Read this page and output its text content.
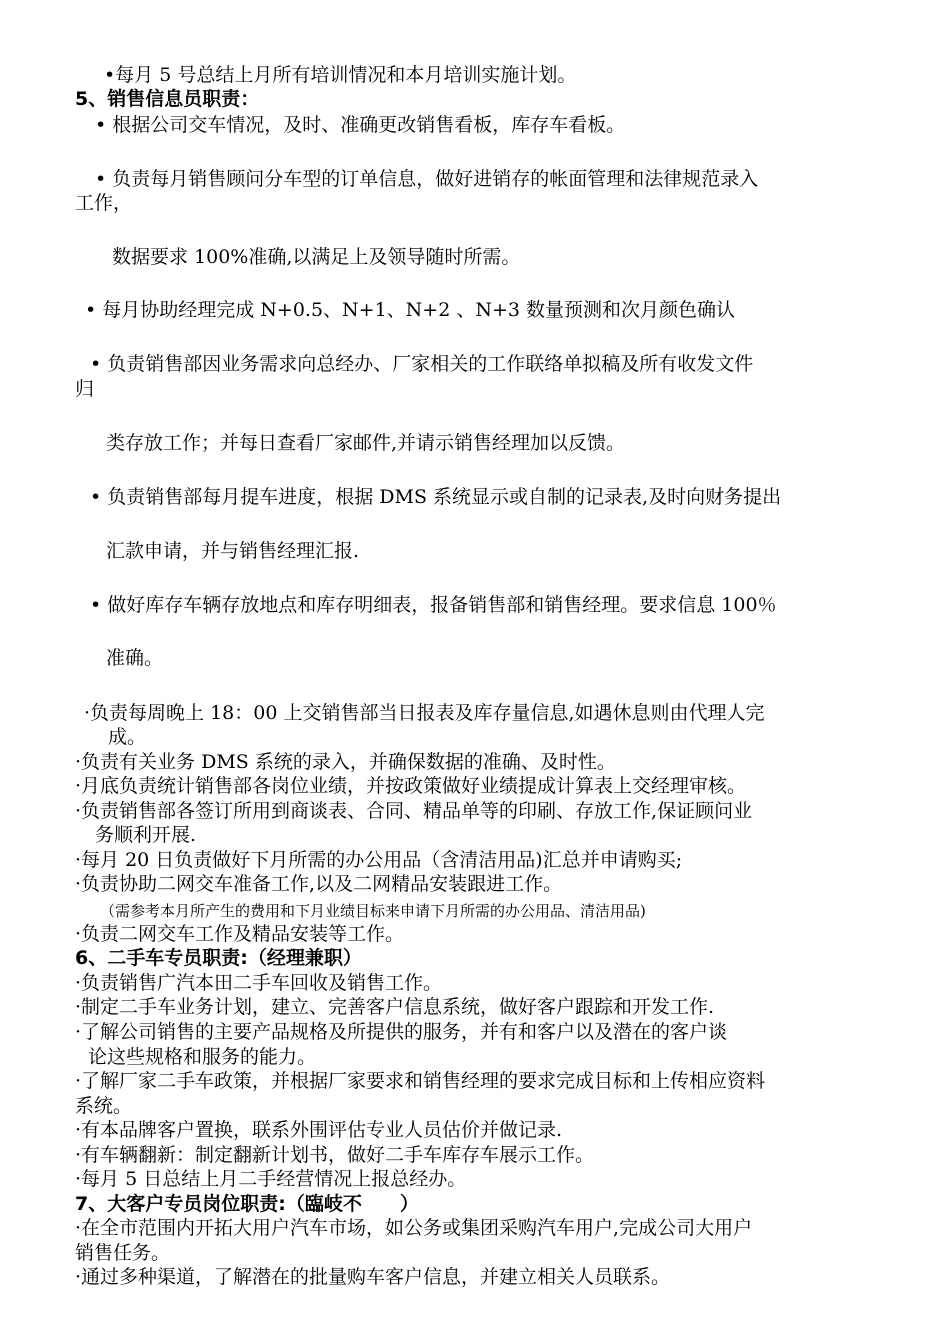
•每月 5 号总结上月所有培训情况和本月培训实施计划。
5、销售信息员职责：
• 根据公司交车情况，及时、准确更改销售看板，库存车看板。
• 负责每月销售顾问分车型的订单信息，做好进销存的帐面管理和法律规范录入
工作，
数据要求 100%准确,以满足上及领导随时所需。
• 每月协助经理完成 N+0.5、N+1、N+2 、N+3 数量预测和次月颜色确认
• 负责销售部因业务需求向总经办、厂家相关的工作联络单拟稿及所有收发文件
归
类存放工作；并每日查看厂家邮件,并请示销售经理加以反馈。
• 负责销售部每月提车进度，根据 DMS 系统显示或自制的记录表,及时向财务提出
汇款申请，并与销售经理汇报.
• 做好库存车辆存放地点和库存明细表，报备销售部和销售经理。要求信息 100％
准确。
·负责每周晚上 18：00 上交销售部当日报表及库存量信息,如遇休息则由代理人完
成。
·负责有关业务 DMS 系统的录入，并确保数据的准确、及时性。
·月底负责统计销售部各岗位业绩，并按政策做好业绩提成计算表上交经理审核。
·负责销售部各签订所用到商谈表、合同、精品单等的印刷、存放工作,保证顾问业
务顺利开展.
·每月 20 日负责做好下月所需的办公用品（含清洁用品)汇总并申请购买;
·负责协助二网交车准备工作,以及二网精品安装跟进工作。
（需参考本月所产生的费用和下月业绩目标来申请下月所需的办公用品、清洁用品)
·负责二网交车工作及精品安装等工作。
6、二手车专员职责:（经理兼职）
·负责销售广汽本田二手车回收及销售工作。
·制定二手车业务计划，建立、完善客户信息系统，做好客户跟踪和开发工作.
·了解公司销售的主要产品规格及所提供的服务，并有和客户以及潜在的客户谈
论这些规格和服务的能力。
·了解厂家二手车政策，并根据厂家要求和销售经理的要求完成目标和上传相应资料
系统。
·有本品牌客户置换，联系外围评估专业人员估价并做记录.
·有车辆翻新：制定翻新计划书，做好二手车库存车展示工作。
·每月 5 日总结上月二手经营情况上报总经办。
7、大客户专员岗位职责:（臨岐不　　）
·在全市范围内开拓大用户汽车市场，如公务或集团采购汽车用户,完成公司大用户
销售任务。
·通过多种渠道，了解潜在的批量购车客户信息，并建立相关人员联系。
